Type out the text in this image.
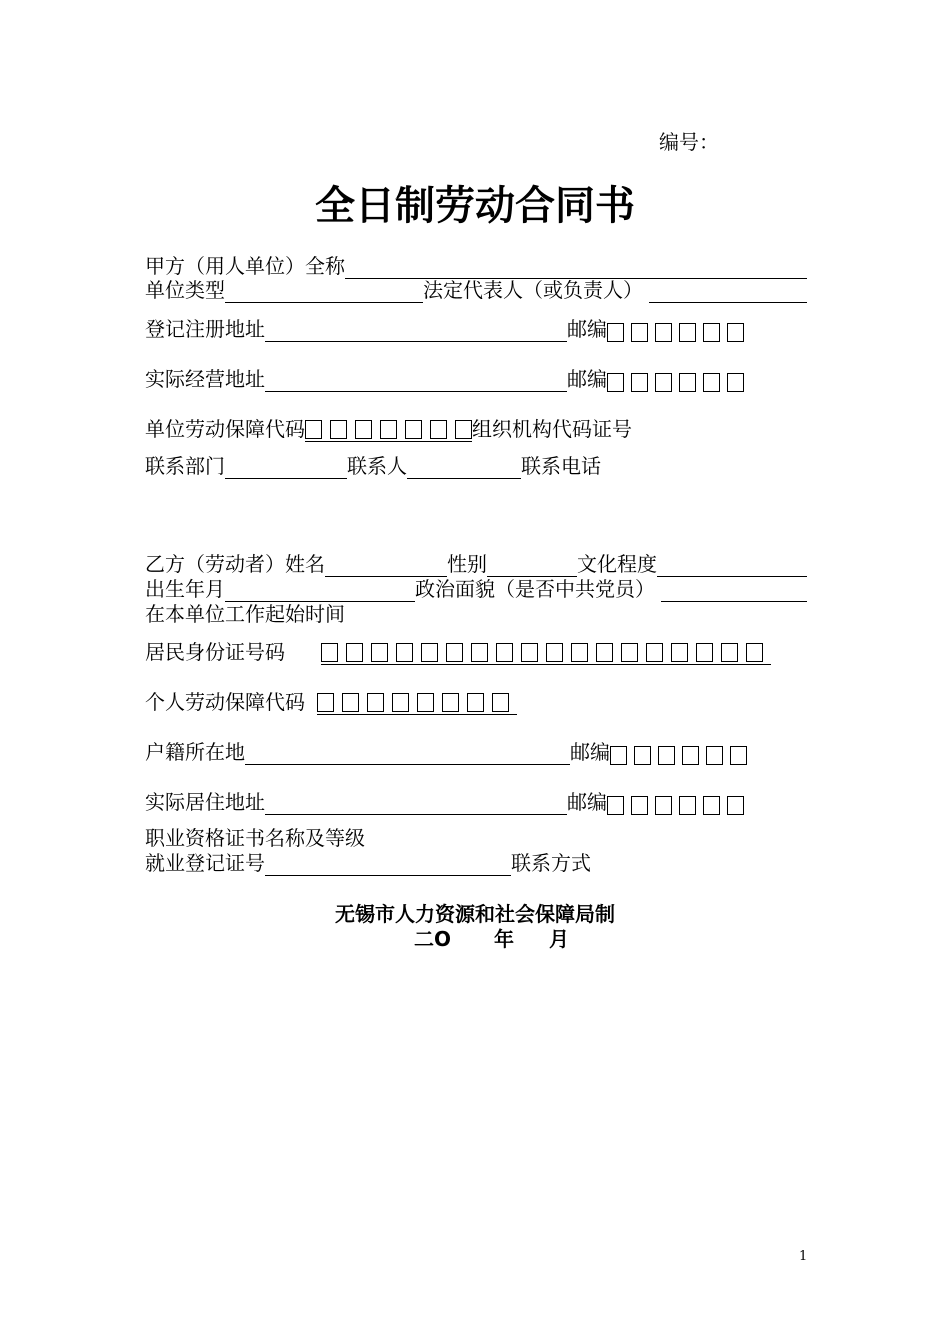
编号：
全日制劳动合同书
甲方（用人单位）全称
单位类型	法定代表人（或负责人）
登记注册地址	邮编
实际经营地址	邮编
单位劳动保障代码	组织机构代码证号
联系部门	联系人	联系电话
乙方（劳动者）姓名	性别	文化程度
出生年月	政治面貌（是否中共党员）
在本单位工作起始时间
居民身份证号码
个人劳动保障代码
户籍所在地	邮编
实际居住地址	邮编
职业资格证书名称及等级
就业登记证号	联系方式
无锡市人力资源和社会保障局制
二O 年 月
1
